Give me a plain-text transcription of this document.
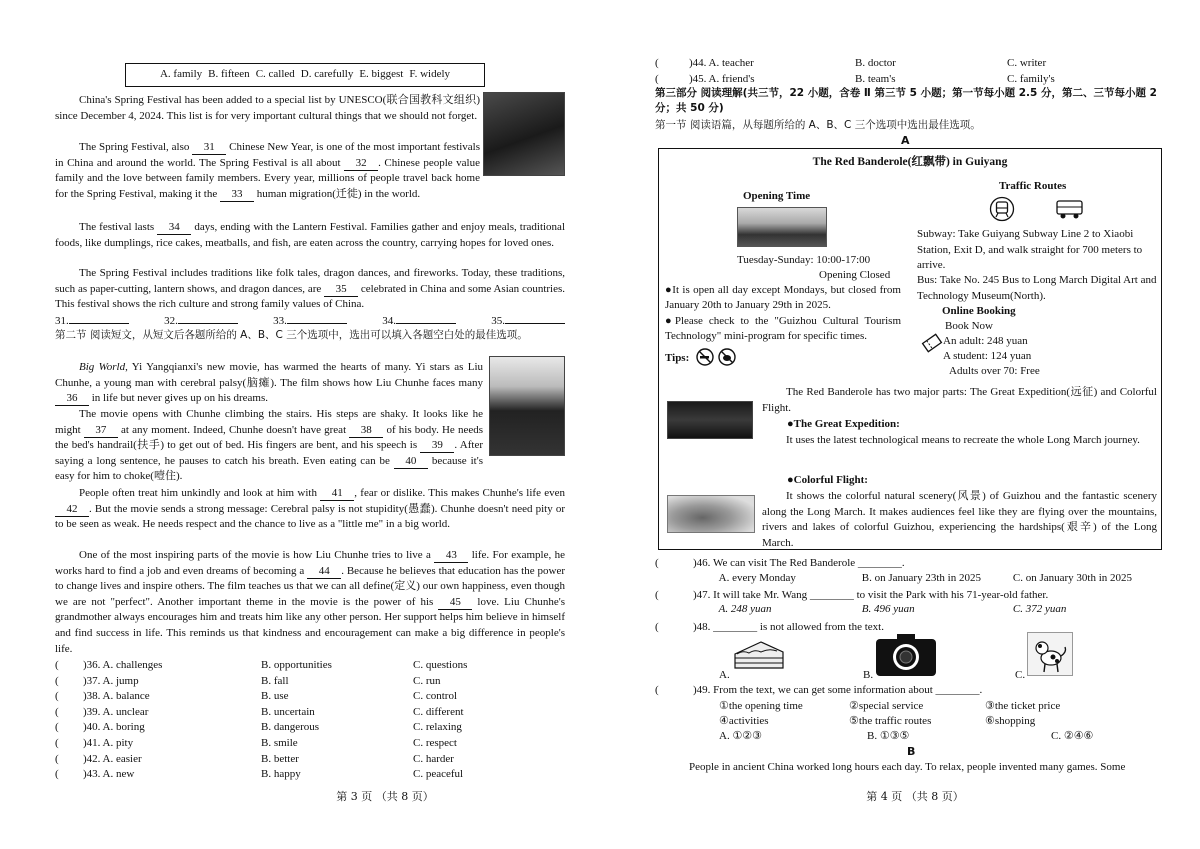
A. family B. fifteen C. called D. carefully E. biggest F. widely

China's Spring Festival has been added to a special list by UNESCO(联合国教科文组织) since December 4, 2024. This list is for very important cultural things that we should not forget.

The Spring Festival, also 31 Chinese New Year, is one of the most important festivals in China and around the world. The Spring Festival is all about 32 . Chinese people value family and the love between family members. Every year, millions of people travel back home for the Spring Festival, making it the 33 human migration(迁徙) in the world.

The festival lasts 34 days, ending with the Lantern Festival. Families gather and enjoy meals, traditional foods, like dumplings, rice cakes, meatballs, and fish, are eaten across the country, carrying hopes for loved ones.

The Spring Festival includes traditions like folk tales, dragon dances, and fireworks. Today, these traditions, such as paper-cutting, lantern shows, and dragon dances, are 35 celebrated in China and some Asian countries. This festival shows the rich culture and strong family values of China.

31.	32.	33.	34.	35.
第二节 阅读短文，从短文后各题所给的 A、B、C 三个选项中，选出可以填入各题空白处的最佳选项。

Big World, Yi Yangqianxi's new movie, has warmed the hearts of many. Yi stars as Liu Chunhe, a young man with cerebral palsy(脑瘫). The film shows how Liu Chunhe faces many 36 in life but never gives up on his dreams.

The movie opens with Chunhe climbing the stairs. His steps are shaky. It looks like he might 37 at any moment. Indeed, Chunhe doesn't have great 38 of his body. He needs the bed's handrail(扶手) to get out of bed. His fingers are bent, and his speech is 39 . After saying a long sentence, he pauses to catch his breath. Even eating can be 40 because it's easy for him to choke(噎住).

People often treat him unkindly and look at him with 41 , fear or dislike. This makes Chunhe's life even 42 . But the movie sends a strong message: Cerebral palsy is not stupidity(愚蠢). Chunhe doesn't need pity or to be seen as weak. He needs respect and the chance to live as a "little me" in a big world.

One of the most inspiring parts of the movie is how Liu Chunhe tries to live a 43 life. For example, he works hard to find a job and even dreams of becoming a 44 . Because he believes that education has the power to change lives and inspire others. The film teaches us that we can all define(定义) our own happiness, even though we are not "perfect". Another important theme in the movie is the power of his 45 love. Liu Chunhe's grandmother always encourages him and treats him like any other person. Her support helps him believe in himself and find success in life. This reminds us that kindness and encouragement can make a big difference in people's life.

(	)36. A. challenges	B. opportunities	C. questions
(	)37. A. jump	B. fall	C. run
(	)38. A. balance	B. use	C. control
(	)39. A. unclear	B. uncertain	C. different
(	)40. A. boring	B. dangerous	C. relaxing
(	)41. A. pity	B. smile	C. respect
(	)42. A. easier	B. better	C. harder
(	)43. A. new	B. happy	C. peaceful
第 3 页 （共 8 页）
(	)44. A. teacher	B. doctor	C. writer
(	)45. A. friend's	B. team's	C. family's
第三部分 阅读理解(共三节，22 小题，含卷 Ⅱ 第三节 5 小题；第一节每小题 2.5 分，第二、三节每小题 2 分；共 50 分)
第一节 阅读语篇，从每题所给的 A、B、C 三个选项中选出最佳选项。
A
The Red Banderole(红飘带) in Guiyang
Opening Time
Tuesday-Sunday: 10:00-17:00
Opening Closed
●It is open all day except Mondays, but closed from January 20th to January 29th in 2025.
●Please check to the "Guizhou Cultural Tourism Technology" mini-program for specific times.
Tips:
Traffic Routes
Subway: Take Guiyang Subway Line 2 to Xiaobi Station, Exit D, and walk straight for 700 meters to arrive.
Bus: Take No. 245 Bus to Long March Digital Art and Technology Museum(North).
Online Booking
Book Now
An adult: 248 yuan
A student: 124 yuan
Adults over 70: Free
The Red Banderole has two major parts: The Great Expedition(远征) and Colorful Flight.
●The Great Expedition:
It uses the latest technological means to recreate the whole Long March journey.
●Colorful Flight:
It shows the colorful natural scenery(风景) of Guizhou and the fantastic scenery along the Long March. It makes audiences feel like they are flying over the mountains, rivers and lakes of colorful Guizhou, experiencing the hardships(艰辛) of the Long March.
(	)46. We can visit The Red Banderole ________.
A. every Monday	B. on January 23th in 2025	C. on January 30th in 2025
(	)47. It will take Mr. Wang ________ to visit the Park with his 71-year-old father.
A. 248 yuan	B. 496 yuan	C. 372 yuan
(	)48. ________ is not allowed from the text.
A.	B.	C.
(	)49. From the text, we can get some information about ________.
①the opening time	②special service	③the ticket price
④activities	⑤the traffic routes	⑥shopping
A. ①②③	B. ①③⑤	C. ②④⑥
B
People in ancient China worked long hours each day. To relax, people invented many games. Some
第 4 页 （共 8 页）
